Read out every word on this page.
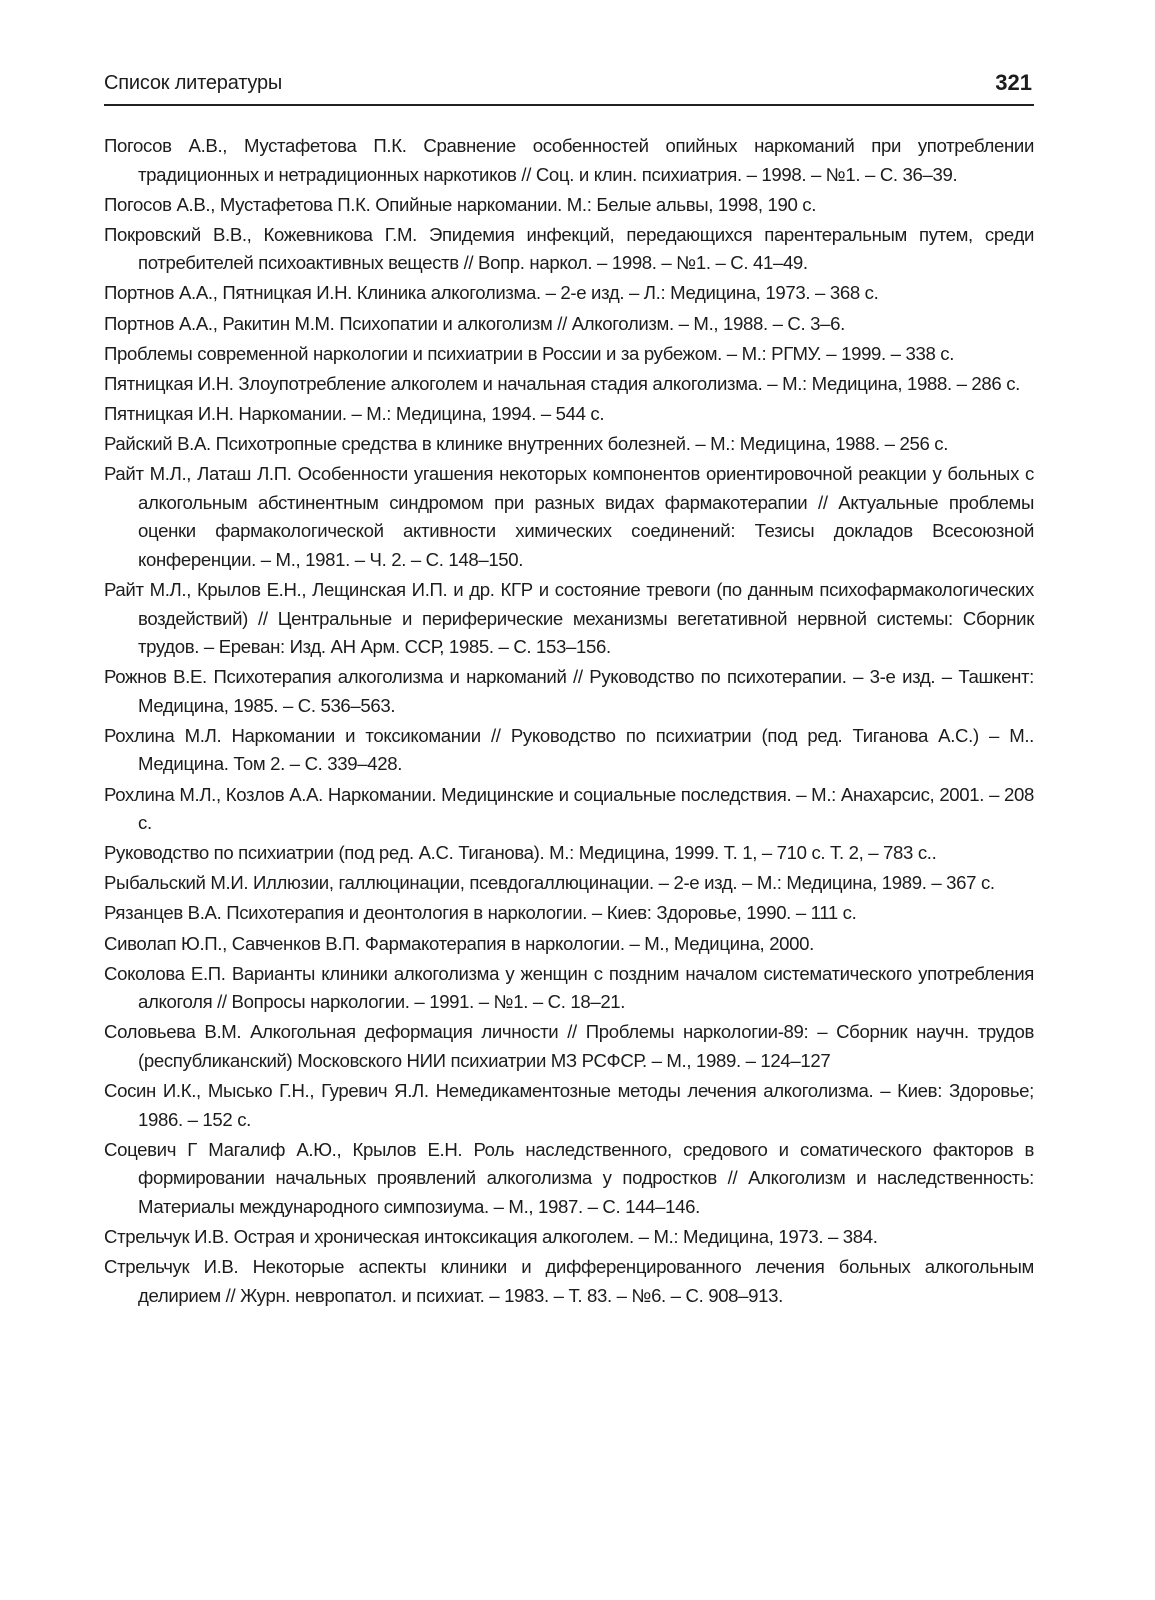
Список литературы	321
Погосов А.В., Мустафетова П.К. Сравнение особенностей опийных наркоманий при употреблении традиционных и нетрадиционных наркотиков // Соц. и клин. психиатрия. – 1998. – №1. – С. 36–39.
Погосов А.В., Мустафетова П.К. Опийные наркомании. М.: Белые альвы, 1998, 190 с.
Покровский В.В., Кожевникова Г.М. Эпидемия инфекций, передающихся парентеральным путем, среди потребителей психоактивных веществ // Вопр. наркол. – 1998. – №1. – С. 41–49.
Портнов А.А., Пятницкая И.Н. Клиника алкоголизма. – 2-е изд. – Л.: Медицина, 1973. – 368 с.
Портнов А.А., Ракитин М.М. Психопатии и алкоголизм // Алкоголизм. – М., 1988. – С. 3–6.
Проблемы современной наркологии и психиатрии в России и за рубежом. – М.: РГМУ. – 1999. – 338 с.
Пятницкая И.Н. Злоупотребление алкоголем и начальная стадия алкоголизма. – М.: Медицина, 1988. – 286 с.
Пятницкая И.Н. Наркомании. – М.: Медицина, 1994. – 544 с.
Райский В.А. Психотропные средства в клинике внутренних болезней. – М.: Медицина, 1988. – 256 с.
Райт М.Л., Латаш Л.П. Особенности угашения некоторых компонентов ориентировочной реакции у больных с алкогольным абстинентным синдромом при разных видах фармакотерапии // Актуальные проблемы оценки фармакологической активности химических соединений: Тезисы докладов Всесоюзной конференции. – М., 1981. – Ч. 2. – С. 148–150.
Райт М.Л., Крылов Е.Н., Лещинская И.П. и др. КГР и состояние тревоги (по данным психофармакологических воздействий) // Центральные и периферические механизмы вегетативной нервной системы: Сборник трудов. – Ереван: Изд. АН Арм. ССР, 1985. – С. 153–156.
Рожнов В.Е. Психотерапия алкоголизма и наркоманий // Руководство по психотерапии. – 3-е изд. – Ташкент: Медицина, 1985. – С. 536–563.
Рохлина М.Л. Наркомании и токсикомании // Руководство по психиатрии (под ред. Тиганова А.С.) – М.. Медицина. Том 2. – С. 339–428.
Рохлина М.Л., Козлов А.А. Наркомании. Медицинские и социальные последствия. – М.: Анахарсис, 2001. – 208 с.
Руководство по психиатрии (под ред. А.С. Тиганова). М.: Медицина, 1999. Т. 1, – 710 с. Т. 2, – 783 с..
Рыбальский М.И. Иллюзии, галлюцинации, псевдогаллюцинации. – 2-е изд. – М.: Медицина, 1989. – 367 с.
Рязанцев В.А. Психотерапия и деонтология в наркологии. – Киев: Здоровье, 1990. – 111 с.
Сиволап Ю.П., Савченков В.П. Фармакотерапия в наркологии. – М., Медицина, 2000.
Соколова Е.П. Варианты клиники алкоголизма у женщин с поздним началом систематического употребления алкоголя // Вопросы наркологии. – 1991. – №1. – С. 18–21.
Соловьева В.М. Алкогольная деформация личности // Проблемы наркологии-89: – Сборник научн. трудов (республиканский) Московского НИИ психиатрии МЗ РСФСР. – М., 1989. – 124–127
Сосин И.К., Мысько Г.Н., Гуревич Я.Л. Немедикаментозные методы лечения алкоголизма. – Киев: Здоровье; 1986. – 152 с.
Соцевич Г Магалиф А.Ю., Крылов Е.Н. Роль наследственного, средового и соматического факторов в формировании начальных проявлений алкоголизма у подростков // Алкоголизм и наследственность: Материалы международного симпозиума. – М., 1987. – С. 144–146.
Стрельчук И.В. Острая и хроническая интоксикация алкоголем. – М.: Медицина, 1973. – 384.
Стрельчук И.В. Некоторые аспекты клиники и дифференцированного лечения больных алкогольным делирием // Журн. невропатол. и психиат. – 1983. – Т. 83. – №6. – С. 908–913.
